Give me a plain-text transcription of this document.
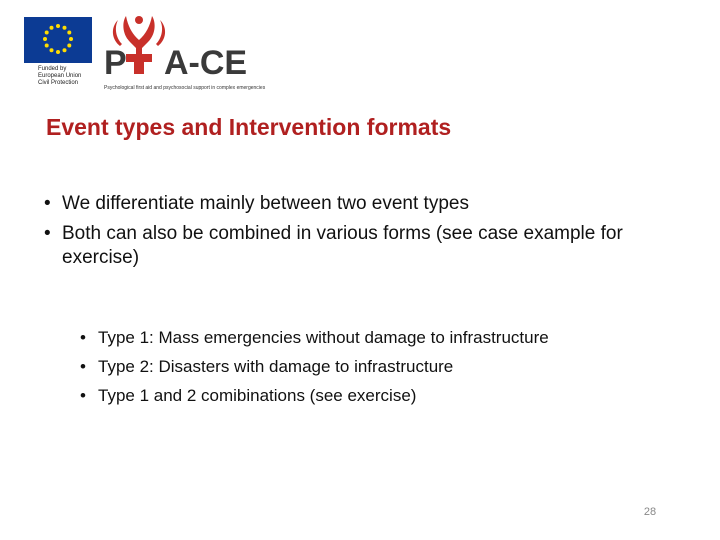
Funded by
European Union
Civil Protection
P A-CE
Psychological first aid and psychosocial support in complex emergencies
Event types and Intervention formats
• We differentiate mainly between two event types
• Both can also be combined in various forms (see case example for exercise)
• Type 1: Mass emergencies without damage to infrastructure
• Type 2: Disasters with damage to infrastructure
• Type 1 and 2 comibinations (see exercise)
28
